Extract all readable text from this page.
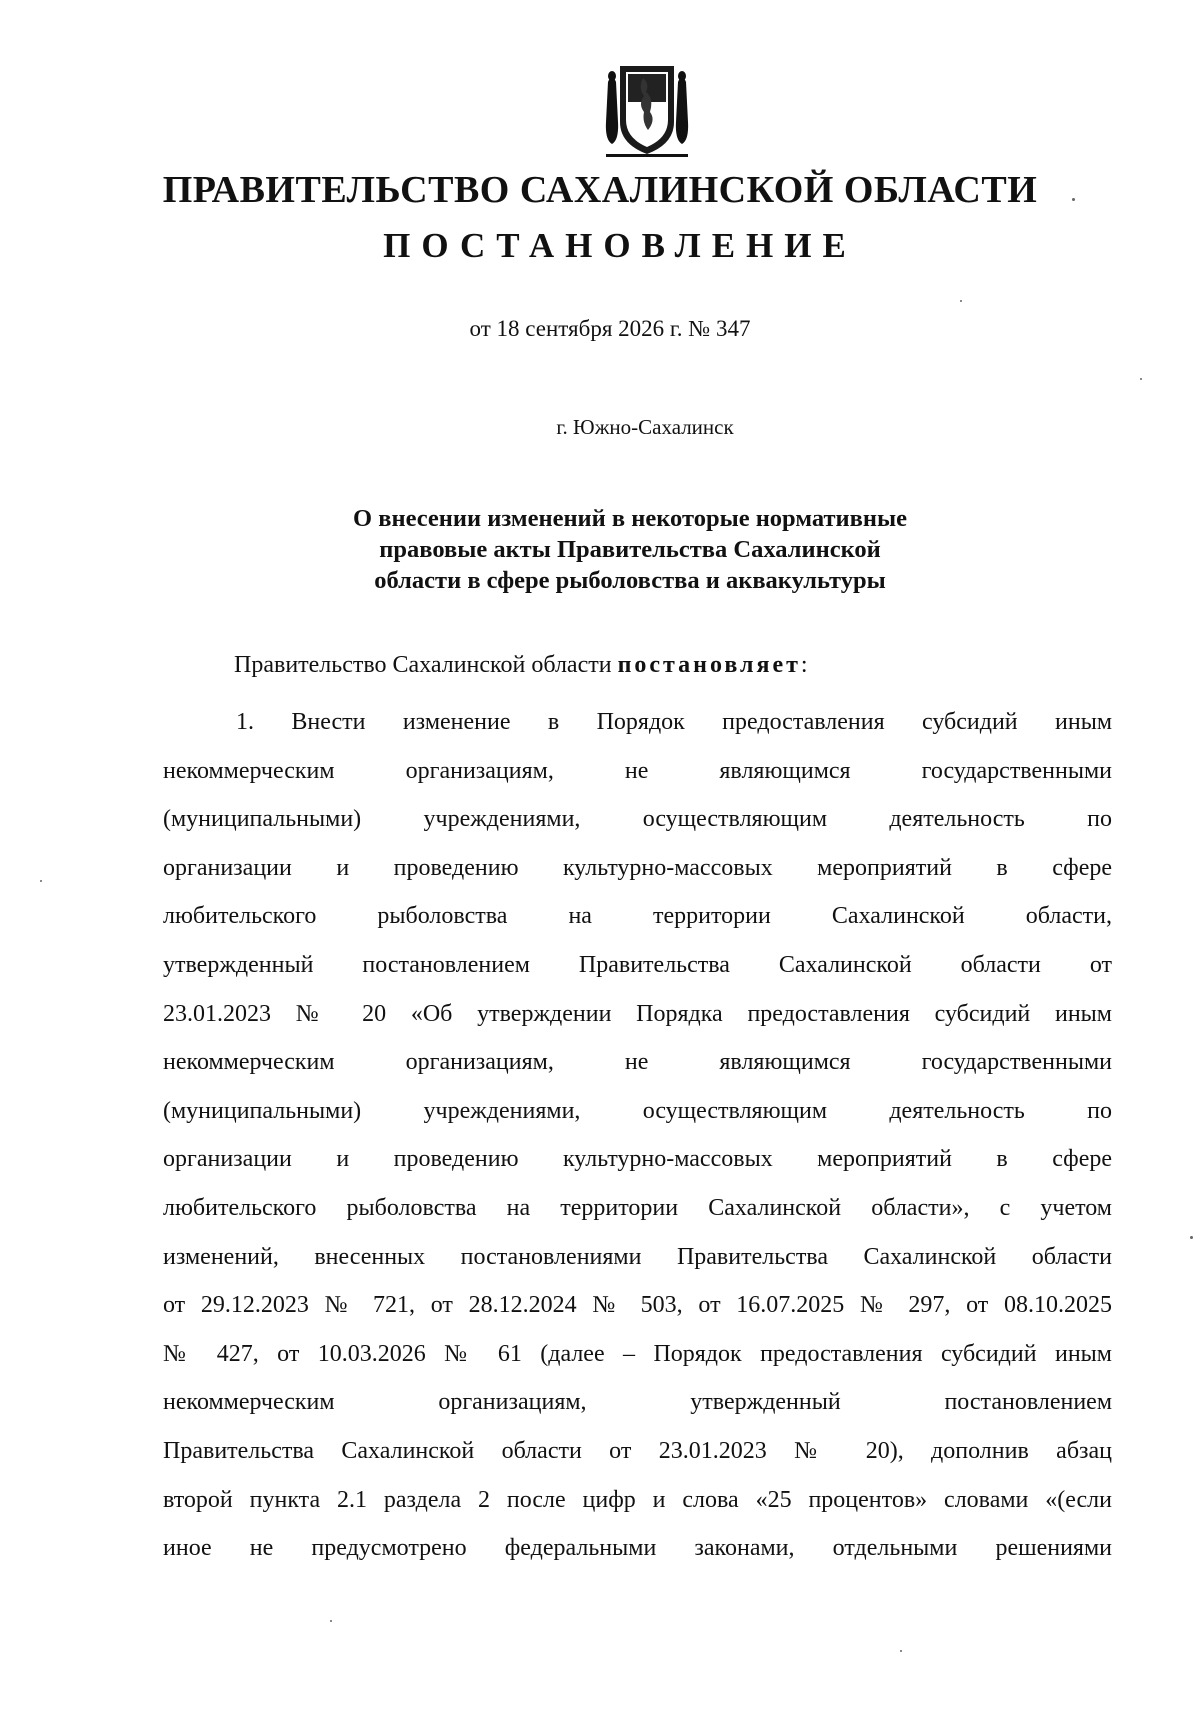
ПРАВИТЕЛЬСТВО САХАЛИНСКОЙ ОБЛАСТИ
ПОСТАНОВЛЕНИЕ
от 18 сентября 2026 г. № 347
г. Южно-Сахалинск
О внесении изменений в некоторые нормативные
правовые акты Правительства Сахалинской
области в сфере рыболовства и аквакультуры
Правительство Сахалинской области постановляет:
1. Внести изменение в Порядок предоставления субсидий иным
некоммерческим организациям, не являющимся государственными
(муниципальными) учреждениями, осуществляющим деятельность по
организации и проведению культурно-массовых мероприятий в сфере
любительского рыболовства на территории Сахалинской области,
утвержденный постановлением Правительства Сахалинской области от
23.01.2023 № 20 «Об утверждении Порядка предоставления субсидий иным
некоммерческим организациям, не являющимся государственными
(муниципальными) учреждениями, осуществляющим деятельность по
организации и проведению культурно-массовых мероприятий в сфере
любительского рыболовства на территории Сахалинской области», с учетом
изменений, внесенных постановлениями Правительства Сахалинской области
от 29.12.2023 № 721, от 28.12.2024 № 503, от 16.07.2025 № 297, от 08.10.2025
№ 427, от 10.03.2026 № 61 (далее – Порядок предоставления субсидий иным
некоммерческим организациям, утвержденный постановлением
Правительства Сахалинской области от 23.01.2023 № 20), дополнив абзац
второй пункта 2.1 раздела 2 после цифр и слова «25 процентов» словами «(если
иное не предусмотрено федеральными законами, отдельными решениями
